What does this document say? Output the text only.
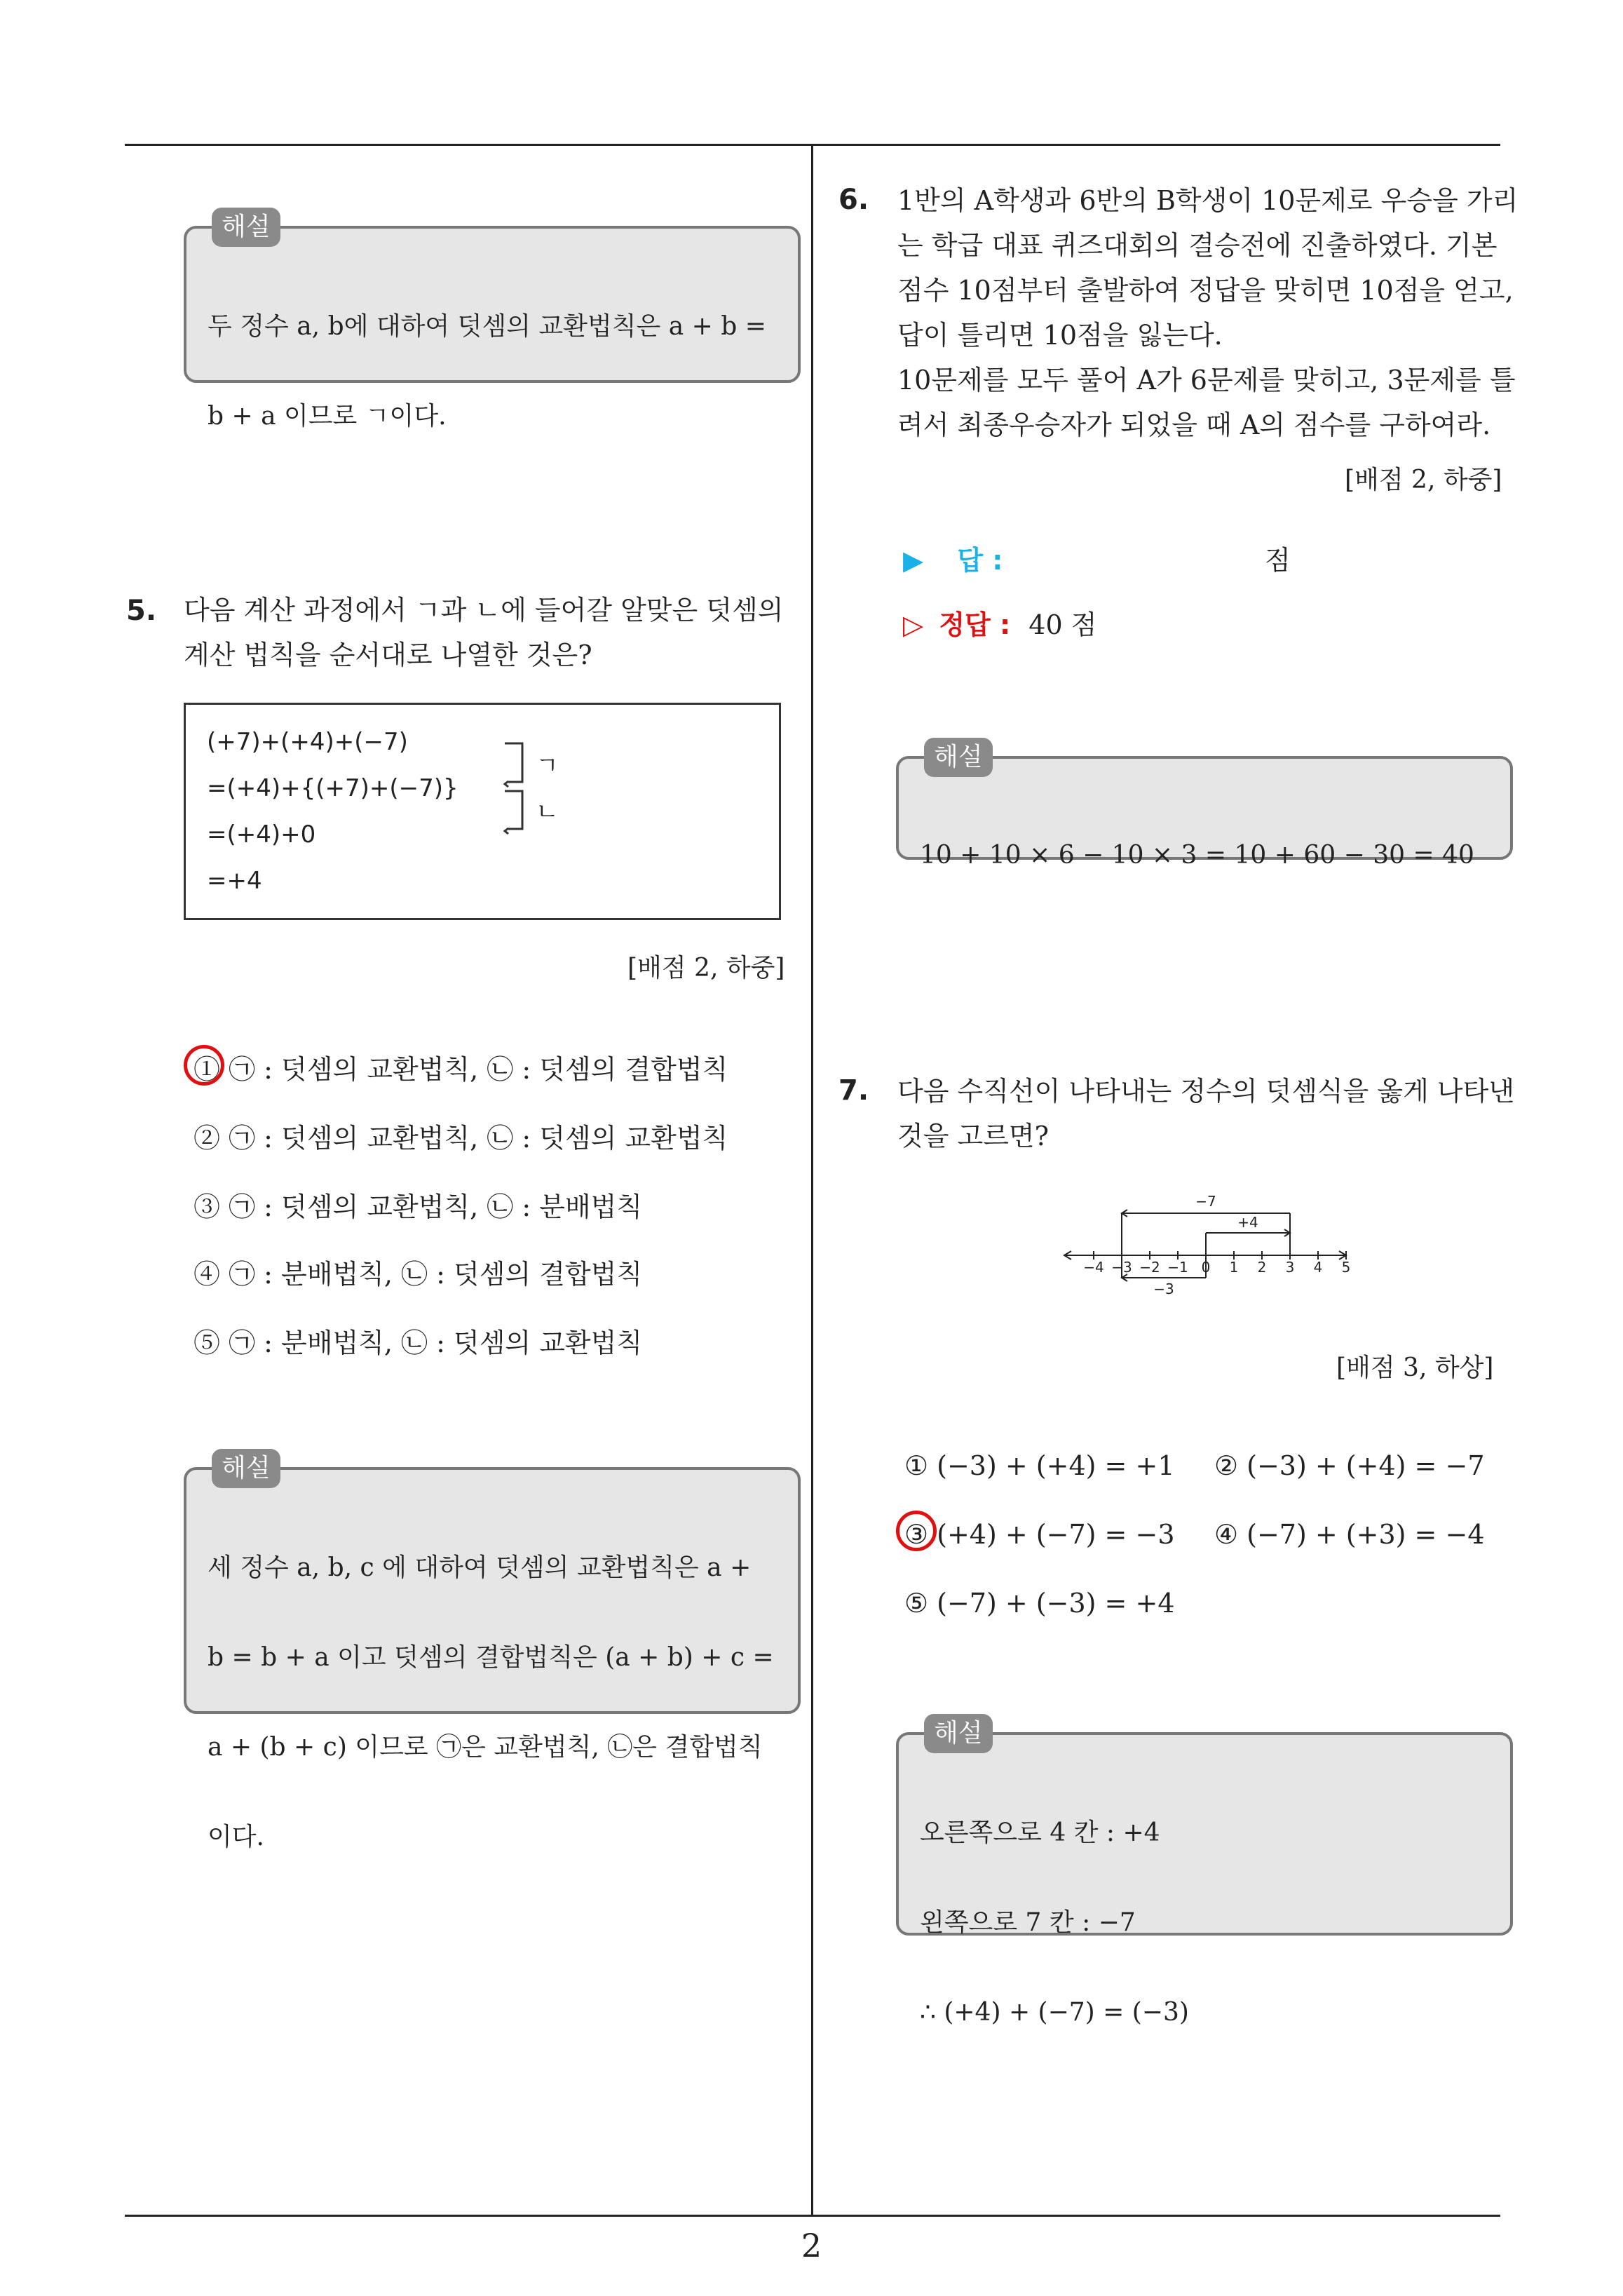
해설

두 정수 a, b에 대하여 덧셈의 교환법칙은 a + b =

b + a 이므로 ㄱ이다.

5. 다음 계산 과정에서 ㄱ과 ㄴ에 들어갈 알맞은 덧셈의
계산 법칙을 순서대로 나열한 것은?
(+7)+(+4)+(−7)
=(+4)+{(+7)+(−7)}
=(+4)+0
=+4
ㄱ
ㄴ
[배점 2, 하중]
① ㉠ : 덧셈의 교환법칙, ㉡ : 덧셈의 결합법칙
② ㉠ : 덧셈의 교환법칙, ㉡ : 덧셈의 교환법칙
③ ㉠ : 덧셈의 교환법칙, ㉡ : 분배법칙
④ ㉠ : 분배법칙, ㉡ : 덧셈의 결합법칙
⑤ ㉠ : 분배법칙, ㉡ : 덧셈의 교환법칙
해설

세 정수 a, b, c 에 대하여 덧셈의 교환법칙은 a +

b = b + a 이고 덧셈의 결합법칙은 (a + b) + c =

a + (b + c) 이므로 ㉠은 교환법칙, ㉡은 결합법칙

이다.

6. 1반의 A학생과 6반의 B학생이 10문제로 우승을 가리
는 학급 대표 퀴즈대회의 결승전에 진출하였다. 기본
점수 10점부터 출발하여 정답을 맞히면 10점을 얻고,
답이 틀리면 10점을 잃는다.
10문제를 모두 풀어 A가 6문제를 맞히고, 3문제를 틀
려서 최종우승자가 되었을 때 A의 점수를 구하여라.
[배점 2, 하중]
▶ 답 :	점
▷ 정답 : 40 점
해설

10 + 10 × 6 − 10 × 3 = 10 + 60 − 30 = 40

7. 다음 수직선이 나타내는 정수의 덧셈식을 옳게 나타낸
것을 고르면?
−7
+4
−3
−4 −3 −2 −1 0 1 2 3 4 5
[배점 3, 하상]
① (−3) + (+4) = +1 ② (−3) + (+4) = −7
③ (+4) + (−7) = −3 ④ (−7) + (+3) = −4
⑤ (−7) + (−3) = +4
해설

오른쪽으로 4 칸 : +4

왼쪽으로 7 칸 : −7

∴ (+4) + (−7) = (−3)

2
